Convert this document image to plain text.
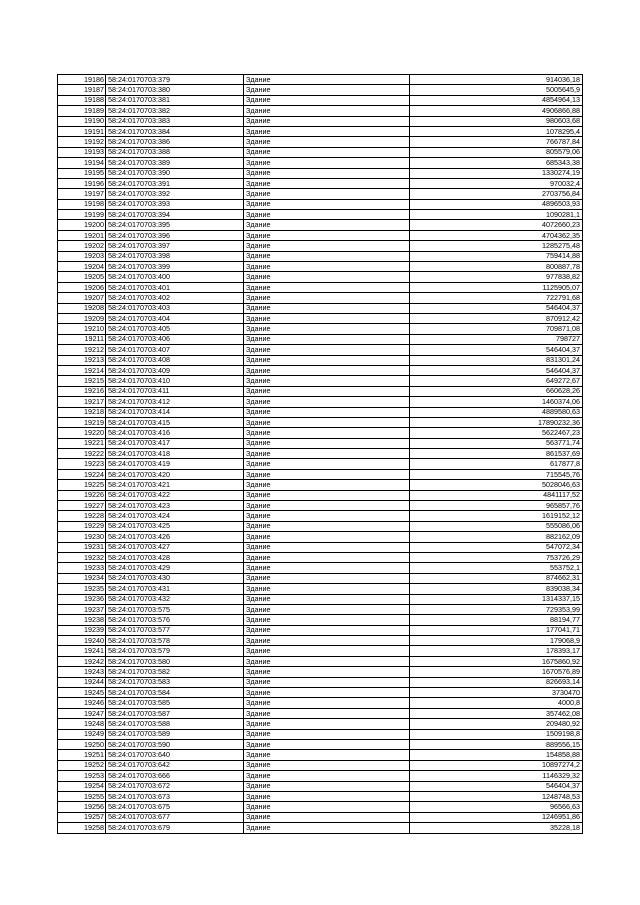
19186	58:24:0170703:379	Здание	914036,18
19187	58:24:0170703:380	Здание	5005645,9
19188	58:24:0170703:381	Здание	4854964,13
19189	58:24:0170703:382	Здание	4906866,88
19190	58:24:0170703:383	Здание	980603,68
19191	58:24:0170703:384	Здание	1078295,4
19192	58:24:0170703:386	Здание	766787,84
19193	58:24:0170703:388	Здание	805579,06
19194	58:24:0170703:389	Здание	685343,38
19195	58:24:0170703:390	Здание	1330274,19
19196	58:24:0170703:391	Здание	970032,4
19197	58:24:0170703:392	Здание	2703756,84
19198	58:24:0170703:393	Здание	4896503,93
19199	58:24:0170703:394	Здание	1090281,1
19200	58:24:0170703:395	Здание	4072660,23
19201	58:24:0170703:396	Здание	4704362,35
19202	58:24:0170703:397	Здание	1285275,48
19203	58:24:0170703:398	Здание	759414,88
19204	58:24:0170703:399	Здание	800887,78
19205	58:24:0170703:400	Здание	977838,82
19206	58:24:0170703:401	Здание	1125905,07
19207	58:24:0170703:402	Здание	722791,68
19208	58:24:0170703:403	Здание	546404,37
19209	58:24:0170703:404	Здание	870912,42
19210	58:24:0170703:405	Здание	709871,08
19211	58:24:0170703:406	Здание	798727
19212	58:24:0170703:407	Здание	546404,37
19213	58:24:0170703:408	Здание	831301,24
19214	58:24:0170703:409	Здание	546404,37
19215	58:24:0170703:410	Здание	649272,67
19216	58:24:0170703:411	Здание	660628,26
19217	58:24:0170703:412	Здание	1460374,06
19218	58:24:0170703:414	Здание	4889580,63
19219	58:24:0170703:415	Здание	17890232,36
19220	58:24:0170703:416	Здание	5622467,23
19221	58:24:0170703:417	Здание	563771,74
19222	58:24:0170703:418	Здание	861537,69
19223	58:24:0170703:419	Здание	617877,8
19224	58:24:0170703:420	Здание	715545,76
19225	58:24:0170703:421	Здание	5028046,63
19226	58:24:0170703:422	Здание	4841117,52
19227	58:24:0170703:423	Здание	965857,76
19228	58:24:0170703:424	Здание	1619152,12
19229	58:24:0170703:425	Здание	555086,06
19230	58:24:0170703:426	Здание	882162,09
19231	58:24:0170703:427	Здание	547072,34
19232	58:24:0170703:428	Здание	753726,29
19233	58:24:0170703:429	Здание	553752,1
19234	58:24:0170703:430	Здание	874662,31
19235	58:24:0170703:431	Здание	839038,34
19236	58:24:0170703:432	Здание	1314337,15
19237	58:24:0170703:575	Здание	729353,99
19238	58:24:0170703:576	Здание	88194,77
19239	58:24:0170703:577	Здание	177041,71
19240	58:24:0170703:578	Здание	179068,9
19241	58:24:0170703:579	Здание	178393,17
19242	58:24:0170703:580	Здание	1675860,92
19243	58:24:0170703:582	Здание	1670576,89
19244	58:24:0170703:583	Здание	826693,14
19245	58:24:0170703:584	Здание	3730470
19246	58:24:0170703:585	Здание	4000,8
19247	58:24:0170703:587	Здание	357462,08
19248	58:24:0170703:588	Здание	209480,92
19249	58:24:0170703:589	Здание	1509198,8
19250	58:24:0170703:590	Здание	889556,15
19251	58:24:0170703:640	Здание	154858,88
19252	58:24:0170703:642	Здание	10897274,2
19253	58:24:0170703:666	Здание	1146329,32
19254	58:24:0170703:672	Здание	546404,37
19255	58:24:0170703:673	Здание	1248748,53
19256	58:24:0170703:675	Здание	96566,63
19257	58:24:0170703:677	Здание	1246951,86
19258	58:24:0170703:679	Здание	35228,18
